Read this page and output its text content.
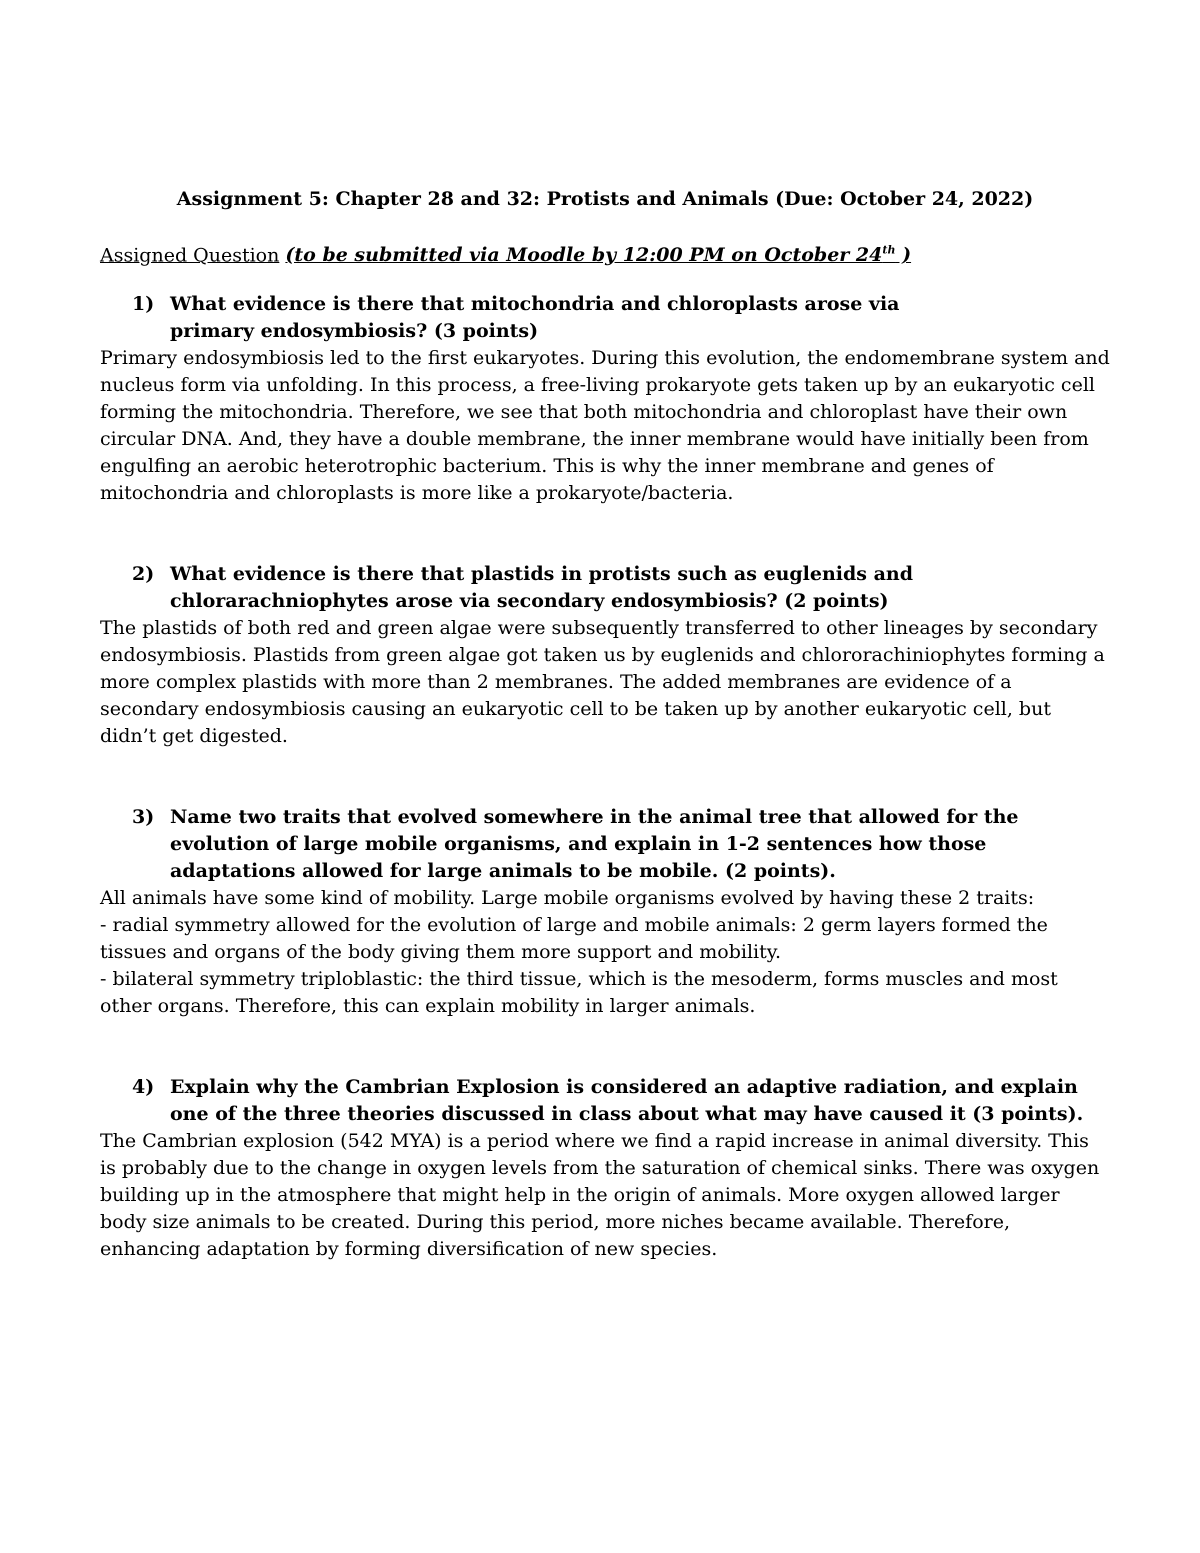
Assignment 5: Chapter 28 and 32: Protists and Animals (Due: October 24, 2022)
Assigned Question (to be submitted via Moodle by 12:00 PM on October 24th )
1) What evidence is there that mitochondria and chloroplasts arose via primary endosymbiosis? (3 points)
Primary endosymbiosis led to the first eukaryotes. During this evolution, the endomembrane system and nucleus form via unfolding. In this process, a free-living prokaryote gets taken up by an eukaryotic cell forming the mitochondria. Therefore, we see that both mitochondria and chloroplast have their own circular DNA. And, they have a double membrane, the inner membrane would have initially been from engulfing an aerobic heterotrophic bacterium. This is why the inner membrane and genes of mitochondria and chloroplasts is more like a prokaryote/bacteria.
2) What evidence is there that plastids in protists such as euglenids and chlorarachniophytes arose via secondary endosymbiosis? (2 points)
The plastids of both red and green algae were subsequently transferred to other lineages by secondary endosymbiosis. Plastids from green algae got taken us by euglenids and chlororachiniophytes forming a more complex plastids with more than 2 membranes. The added membranes are evidence of a secondary endosymbiosis causing an eukaryotic cell to be taken up by another eukaryotic cell, but didn’t get digested.
3) Name two traits that evolved somewhere in the animal tree that allowed for the evolution of large mobile organisms, and explain in 1-2 sentences how those adaptations allowed for large animals to be mobile. (2 points).
All animals have some kind of mobility. Large mobile organisms evolved by having these 2 traits:
- radial symmetry allowed for the evolution of large and mobile animals: 2 germ layers formed the tissues and organs of the body giving them more support and mobility.
- bilateral symmetry triploblastic: the third tissue, which is the mesoderm, forms muscles and most other organs. Therefore, this can explain mobility in larger animals.
4) Explain why the Cambrian Explosion is considered an adaptive radiation, and explain one of the three theories discussed in class about what may have caused it (3 points).
The Cambrian explosion (542 MYA) is a period where we find a rapid increase in animal diversity. This is probably due to the change in oxygen levels from the saturation of chemical sinks. There was oxygen building up in the atmosphere that might help in the origin of animals. More oxygen allowed larger body size animals to be created. During this period, more niches became available. Therefore, enhancing adaptation by forming diversification of new species.
